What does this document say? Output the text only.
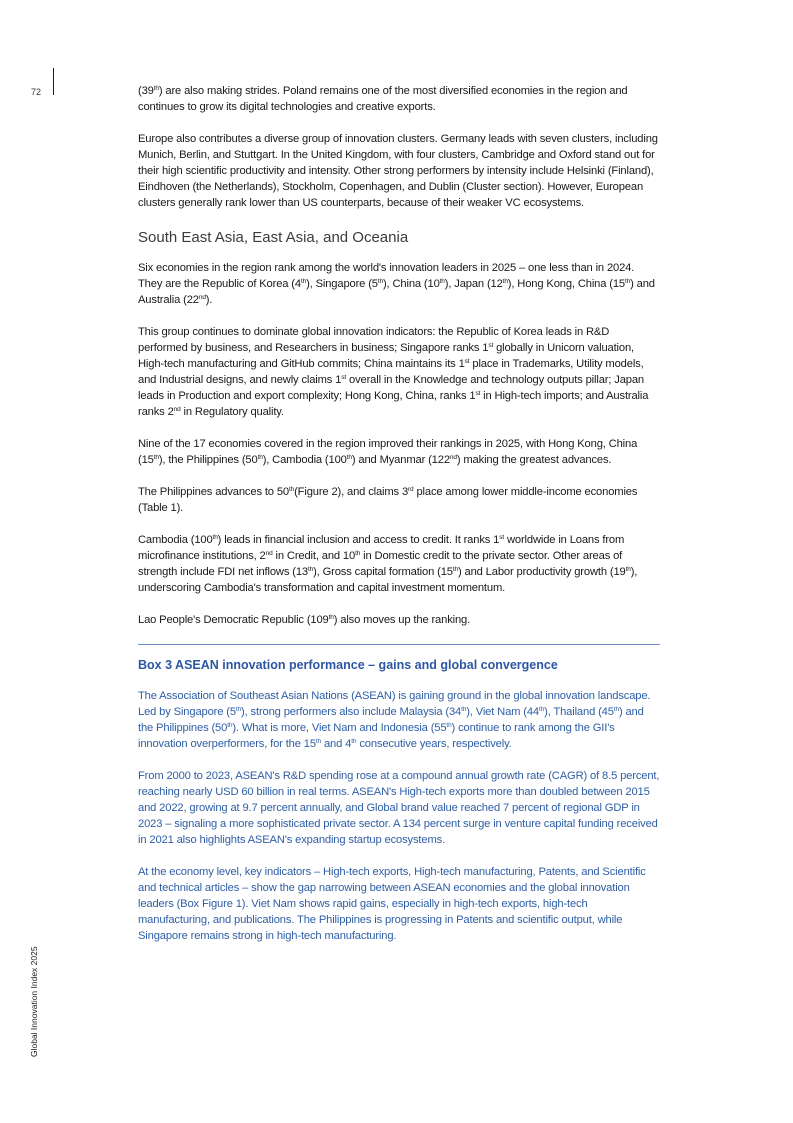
72
Global Innovation Index 2025

(39th) are also making strides. Poland remains one of the most diversified economies in the region and continues to grow its digital technologies and creative exports.

Europe also contributes a diverse group of innovation clusters. Germany leads with seven clusters, including Munich, Berlin, and Stuttgart. In the United Kingdom, with four clusters, Cambridge and Oxford stand out for their high scientific productivity and intensity. Other strong performers by intensity include Helsinki (Finland), Eindhoven (the Netherlands), Stockholm, Copenhagen, and Dublin (Cluster section). However, European clusters generally rank lower than US counterparts, because of their weaker VC ecosystems.

South East Asia, East Asia, and Oceania

Six economies in the region rank among the world's innovation leaders in 2025 – one less than in 2024. They are the Republic of Korea (4th), Singapore (5th), China (10th), Japan (12th), Hong Kong, China (15th) and Australia (22nd).

This group continues to dominate global innovation indicators: the Republic of Korea leads in R&D performed by business, and Researchers in business; Singapore ranks 1st globally in Unicorn valuation, High-tech manufacturing and GitHub commits; China maintains its 1st place in Trademarks, Utility models, and Industrial designs, and newly claims 1st overall in the Knowledge and technology outputs pillar; Japan leads in Production and export complexity; Hong Kong, China, ranks 1st in High-tech imports; and Australia ranks 2nd in Regulatory quality.

Nine of the 17 economies covered in the region improved their rankings in 2025, with Hong Kong, China (15th), the Philippines (50th), Cambodia (100th) and Myanmar (122nd) making the greatest advances.

The Philippines advances to 50th(Figure 2), and claims 3rd place among lower middle-income economies (Table 1).

Cambodia (100th) leads in financial inclusion and access to credit. It ranks 1st worldwide in Loans from microfinance institutions, 2nd in Credit, and 10th in Domestic credit to the private sector. Other areas of strength include FDI net inflows (13th), Gross capital formation (15th) and Labor productivity growth (19th), underscoring Cambodia's transformation and capital investment momentum.

Lao People's Democratic Republic (109th) also moves up the ranking.

Box 3 ASEAN innovation performance – gains and global convergence

The Association of Southeast Asian Nations (ASEAN) is gaining ground in the global innovation landscape. Led by Singapore (5th), strong performers also include Malaysia (34th), Viet Nam (44th), Thailand (45th) and the Philippines (50th). What is more, Viet Nam and Indonesia (55th) continue to rank among the GII's innovation overperformers, for the 15th and 4th consecutive years, respectively.

From 2000 to 2023, ASEAN's R&D spending rose at a compound annual growth rate (CAGR) of 8.5 percent, reaching nearly USD 60 billion in real terms. ASEAN's High-tech exports more than doubled between 2015 and 2022, growing at 9.7 percent annually, and Global brand value reached 7 percent of regional GDP in 2023 – signaling a more sophisticated private sector. A 134 percent surge in venture capital funding received in 2021 also highlights ASEAN's expanding startup ecosystems.

At the economy level, key indicators – High-tech exports, High-tech manufacturing, Patents, and Scientific and technical articles – show the gap narrowing between ASEAN economies and the global innovation leaders (Box Figure 1). Viet Nam shows rapid gains, especially in high-tech exports, high-tech manufacturing, and publications. The Philippines is progressing in Patents and scientific output, while Singapore remains strong in high-tech manufacturing.
